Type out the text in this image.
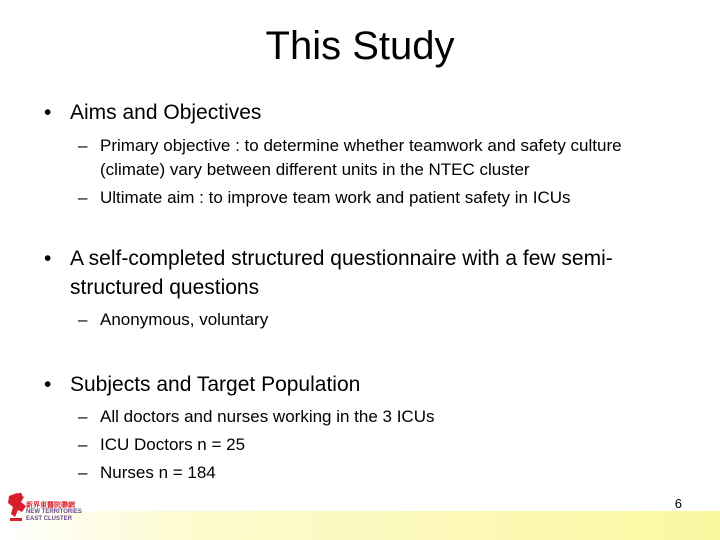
This Study
• Aims and Objectives
– Primary objective : to determine whether teamwork and safety culture (climate) vary between different units in the NTEC cluster
– Ultimate aim : to improve team work and patient safety in ICUs
• A self-completed structured questionnaire with a few semi-structured questions
– Anonymous, voluntary
• Subjects and Target Population
– All doctors and nurses working in the 3 ICUs
– ICU Doctors n = 25
– Nurses n = 184
新界東醫院聯網
NEW TERRITORIES
EAST CLUSTER
6
